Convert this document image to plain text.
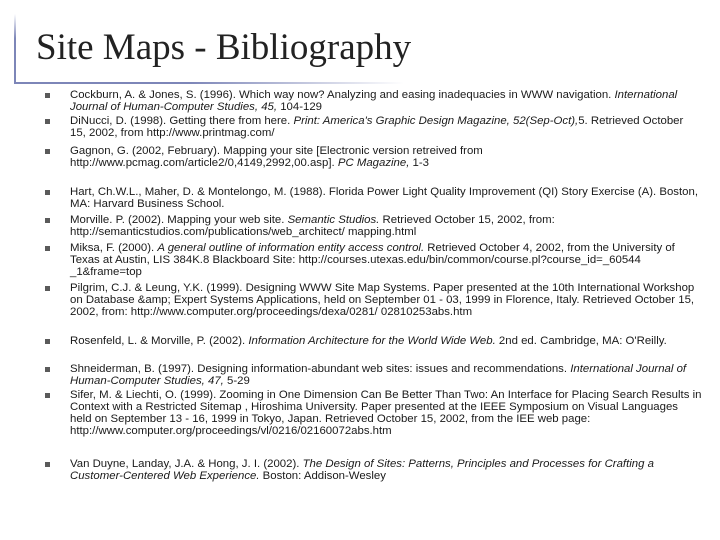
Site Maps - Bibliography
Cockburn, A. & Jones, S. (1996). Which way now? Analyzing and easing inadequacies in WWW navigation. International Journal of Human-Computer Studies, 45, 104-129
DiNucci, D. (1998). Getting there from here. Print: America's Graphic Design Magazine, 52(Sep-Oct),5. Retrieved October 15, 2002, from http://www.printmag.com/
Gagnon, G. (2002, February). Mapping your site [Electronic version retreived from http://www.pcmag.com/article2/0,4149,2992,00.asp]. PC Magazine, 1-3
Hart, Ch.W.L., Maher, D. & Montelongo, M. (1988). Florida Power Light Quality Improvement (QI) Story Exercise (A). Boston, MA: Harvard Business School.
Morville. P. (2002). Mapping your web site. Semantic Studios. Retrieved October 15, 2002, from: http://semanticstudios.com/publications/web_architect/ mapping.html
Miksa, F. (2000). A general outline of information entity access control. Retrieved October 4, 2002, from the University of Texas at Austin, LIS 384K.8 Blackboard Site: http://courses.utexas.edu/bin/common/course.pl?course_id=_60544 _1&frame=top
Pilgrim, C.J. & Leung, Y.K. (1999). Designing WWW Site Map Systems. Paper presented at the 10th International Workshop on Database &amp; Expert Systems Applications, held on September 01 - 03, 1999 in Florence, Italy. Retrieved October 15, 2002, from: http://www.computer.org/proceedings/dexa/0281/ 02810253abs.htm
Rosenfeld, L. & Morville, P. (2002). Information Architecture for the World Wide Web. 2nd ed. Cambridge, MA: O'Reilly.
Shneiderman, B. (1997). Designing information-abundant web sites: issues and recommendations. International Journal of Human-Computer Studies, 47, 5-29
Sifer, M. & Liechti, O. (1999). Zooming in One Dimension Can Be Better Than Two: An Interface for Placing Search Results in Context with a Restricted Sitemap , Hiroshima University. Paper presented at the IEEE Symposium on Visual Languages held on September 13 - 16, 1999 in Tokyo, Japan. Retrieved October 15, 2002, from the IEE web page: http://www.computer.org/proceedings/vl/0216/02160072abs.htm
Van Duyne, Landay, J.A. & Hong, J. I. (2002). The Design of Sites: Patterns, Principles and Processes for Crafting a Customer-Centered Web Experience. Boston: Addison-Wesley
